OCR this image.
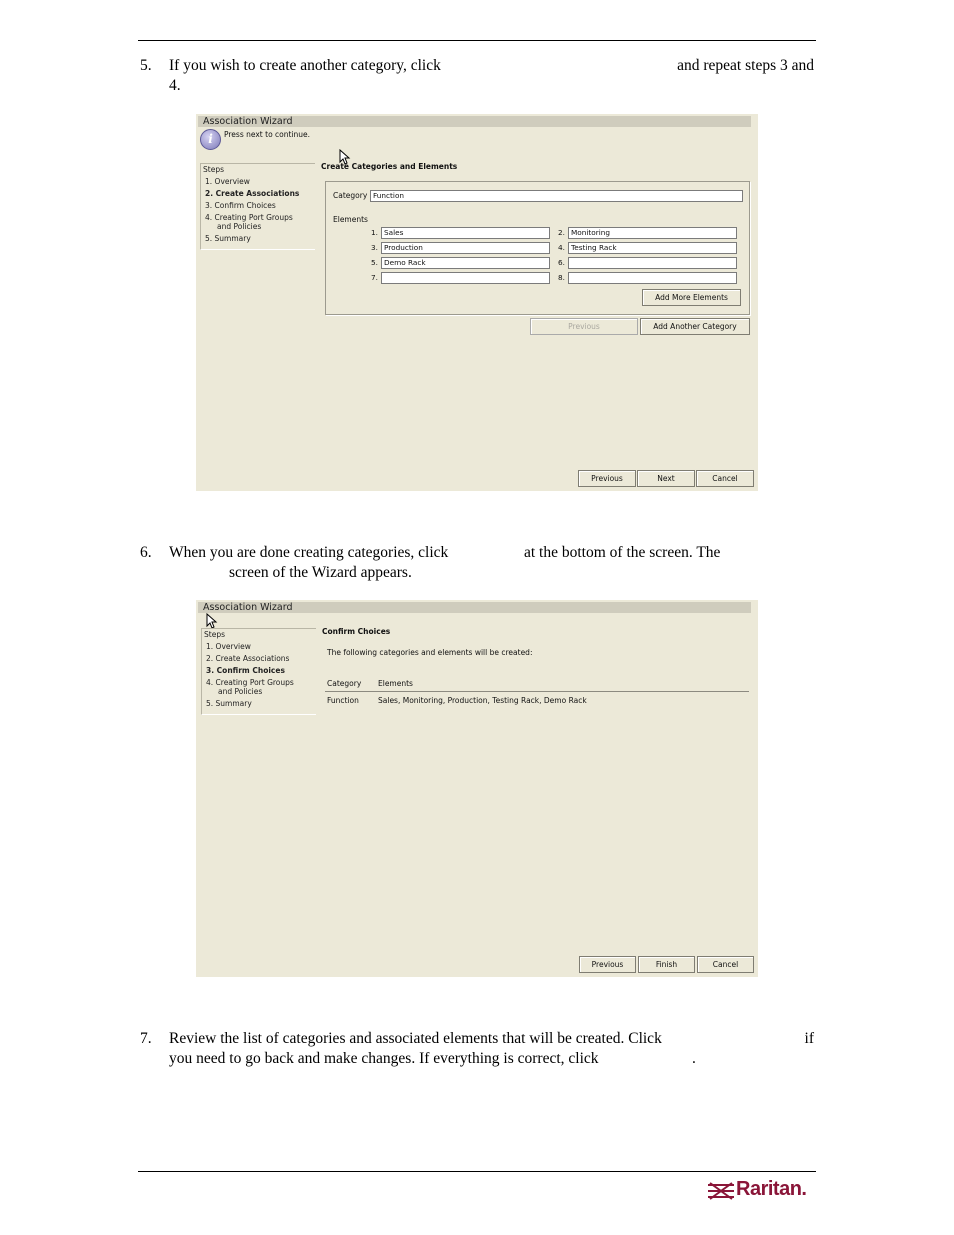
5. If you wish to create another category, click	and repeat steps 3 and
4.
Association Wizard
i	Press next to continue.
Steps
1. Overview
2. Create Associations
3. Confirm Choices
4. Creating Port Groups
and Policies
5. Summary
Create Categories and Elements
Category Function
Elements
1. Sales	2. Monitoring
3. Production	4. Testing Rack
5. Demo Rack	6.
7.	8.
Add More Elements
Previous	Add Another Category
Previous	Next	Cancel
6. When you are done creating categories, click	at the bottom of the screen. The
screen of the Wizard appears.
Association Wizard
Steps
1. Overview
2. Create Associations
3. Confirm Choices
4. Creating Port Groups
and Policies
5. Summary
Confirm Choices
The following categories and elements will be created:
Category Elements
Function	Sales, Monitoring, Production, Testing Rack, Demo Rack
Previous	Finish	Cancel
7. Review the list of categories and associated elements that will be created. Click	if
you need to go back and make changes. If everything is correct, click	.
Raritan.
